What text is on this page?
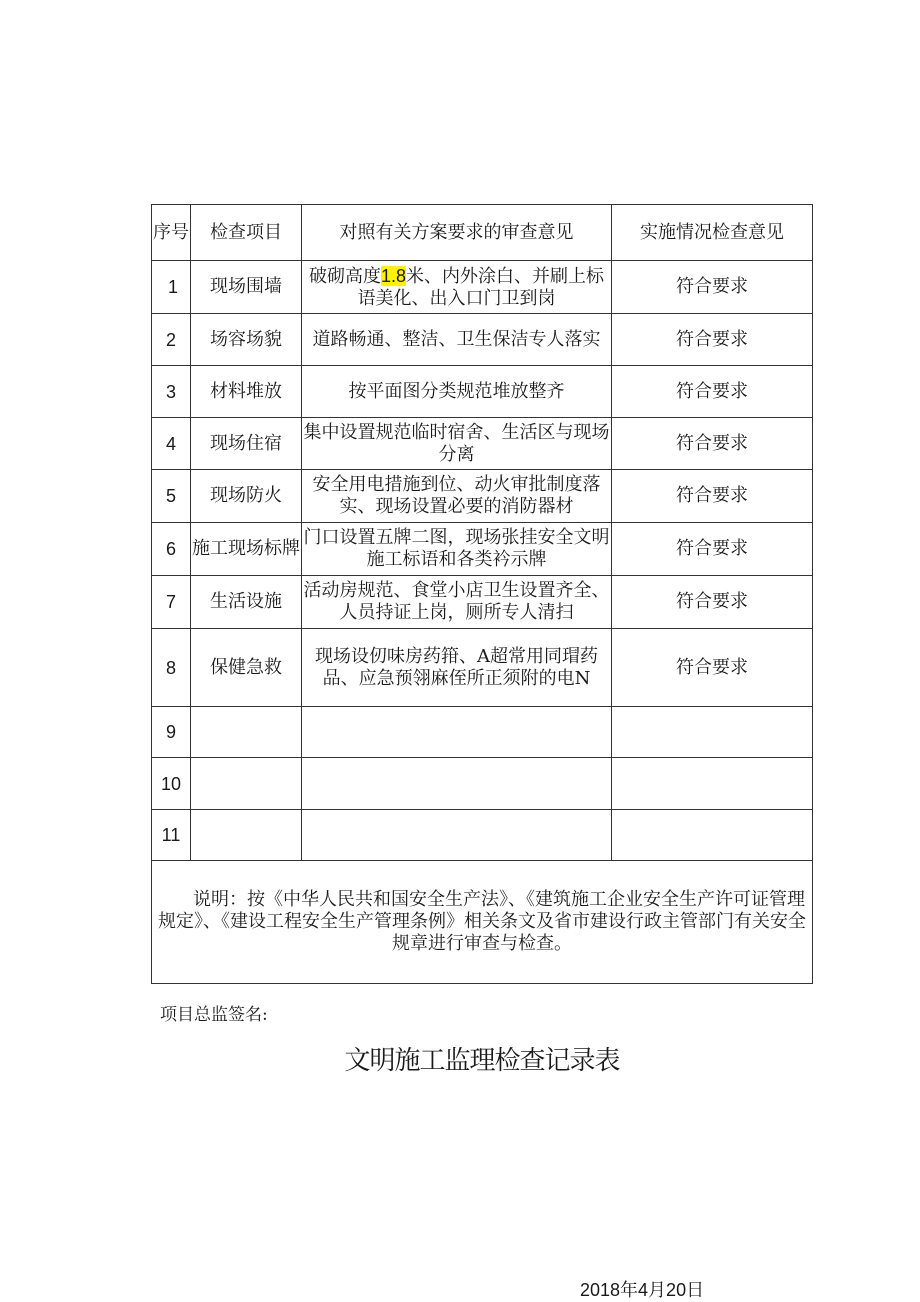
序号	检查项目	对照有关方案要求的审查意见	实施情况检查意见
1	现场围墙	破砌高度1.8米、内外涂白、并刷上标语美化、出入口门卫到岗	符合要求
2	场容场貌	道路畅通、整洁、卫生保洁专人落实	符合要求
3	材料堆放	按平面图分类规范堆放整齐	符合要求
4	现场住宿	集中设置规范临时宿舍、生活区与现场分离	符合要求
5	现场防火	安全用电措施到位、动火审批制度落实、现场设置必要的消防器材	符合要求
6	施工现场标牌	门口设置五牌二图，现场张挂安全文明施工标语和各类衿示牌	符合要求
7	生活设施	活动房规范、食堂小店卫生设置齐全、人员持证上岗，厕所专人清扫	符合要求
8	保健急救	现场设仞味房药箝、A超常用同瑁药品、应急预翎麻侄所正须附的电N	符合要求
9			
10			
11			
说明：按《中华人民共和国安全生产法》、《建筑施工企业安全生产许可证管理规定》、《建设工程安全生产管理条例》相关条文及省市建设行政主管部门有关安全规章进行审查与检查。			
项目总监签名:
文明施工监理检查记录表
2018年4月20日
